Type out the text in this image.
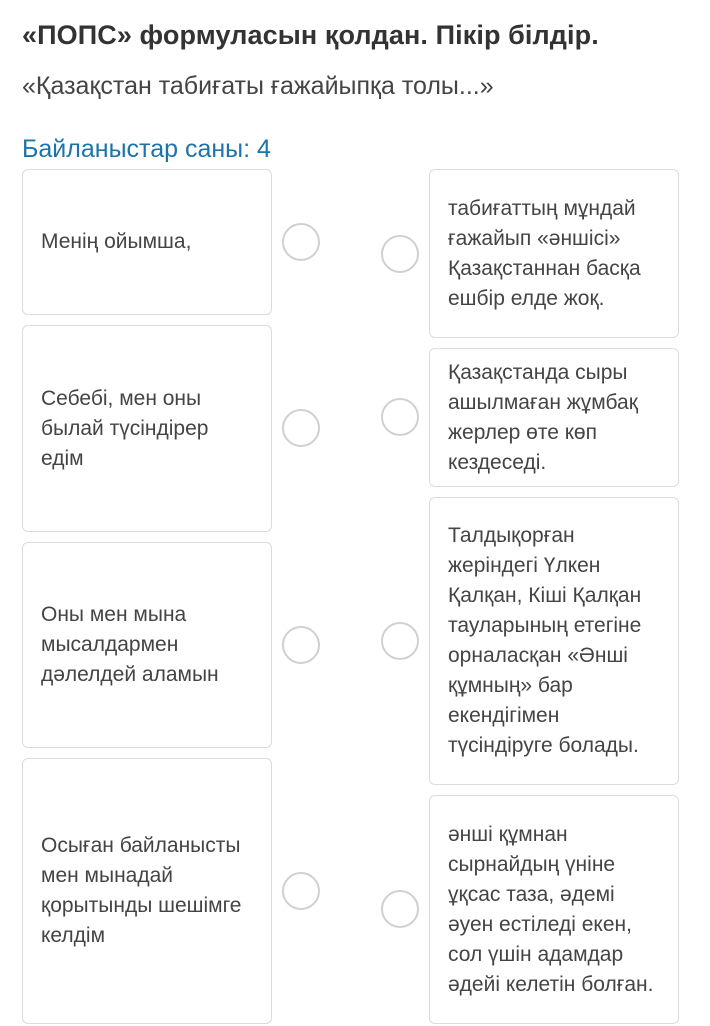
«ПОПС» формуласын қолдан. Пікір білдір.
«Қазақстан табиғаты ғажайыпқа толы...»
Байланыстар саны: 4
Менің ойымша,
Себебі, мен оны былай түсіндірер едім
Оны мен мына мысалдармен дәлелдей аламын
Осыған байланысты мен мынадай қорытынды шешімге келдім
табиғаттың мұндай ғажайып «әншісі» Қазақстаннан басқа ешбір елде жоқ.
Қазақстанда сыры ашылмаған жұмбақ жерлер өте көп кездеседі.
Талдықорған жеріндегі Үлкен Қалқан, Кіші Қалқан тауларының етегіне орналасқан «Әнші құмның» бар екендігімен түсіндіруге болады.
әнші құмнан сырнайдың үніне ұқсас таза, әдемі әуен естіледі екен, сол үшін адамдар әдейі келетін болған.
